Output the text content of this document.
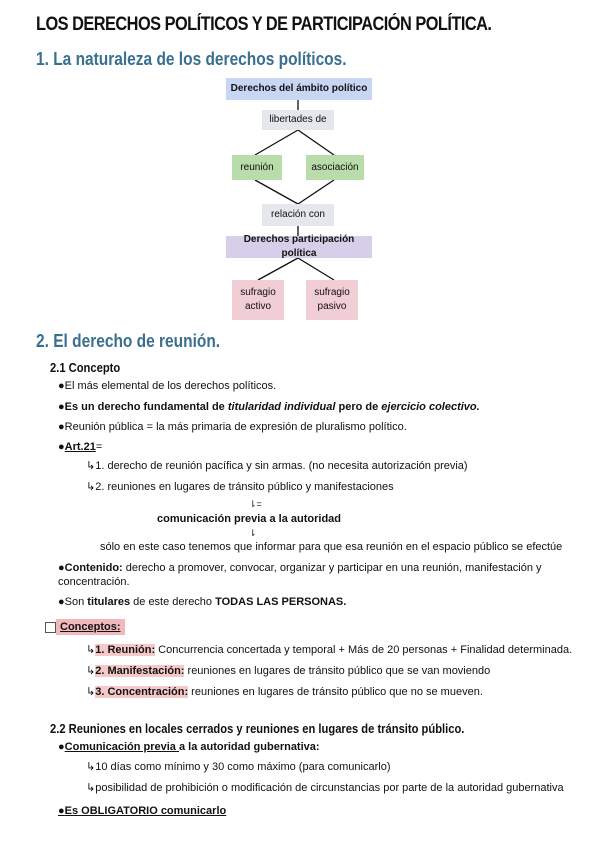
LOS DERECHOS POLÍTICOS Y DE PARTICIPACIÓN POLÍTICA.
1. La naturaleza de los derechos políticos.
Derechos del ámbito político
libertades de
reunión	asociación
relación con
Derechos participación política
sufragio activo
sufragio pasivo
2. El derecho de reunión.
2.1 Concepto
●El más elemental de los derechos políticos.
●Es un derecho fundamental de titularidad individual pero de ejercicio colectivo.
●Reunión pública = la más primaria de expresión de pluralismo político.
●Art.21=
↳1. derecho de reunión pacífica y sin armas. (no necesita autorización previa)
↳2. reuniones en lugares de tránsito público y manifestaciones
⇂=
comunicación previa a la autoridad
⇂
sólo en este caso tenemos que informar para que esa reunión en el espacio público se efectúe
●Contenido: derecho a promover, convocar, organizar y participar en una reunión, manifestación y
concentración.
●Son titulares de este derecho TODAS LAS PERSONAS.
Conceptos:
↳1. Reunión: Concurrencia concertada y temporal + Más de 20 personas + Finalidad determinada.
↳2. Manifestación: reuniones en lugares de tránsito público que se van moviendo
↳3. Concentración: reuniones en lugares de tránsito público que no se mueven.
2.2 Reuniones en locales cerrados y reuniones en lugares de tránsito público.
●Comunicación previa a la autoridad gubernativa:
↳10 días como mínimo y 30 como máximo (para comunicarlo)
↳posibilidad de prohibición o modificación de circunstancias por parte de la autoridad gubernativa
●Es OBLIGATORIO comunicarlo
